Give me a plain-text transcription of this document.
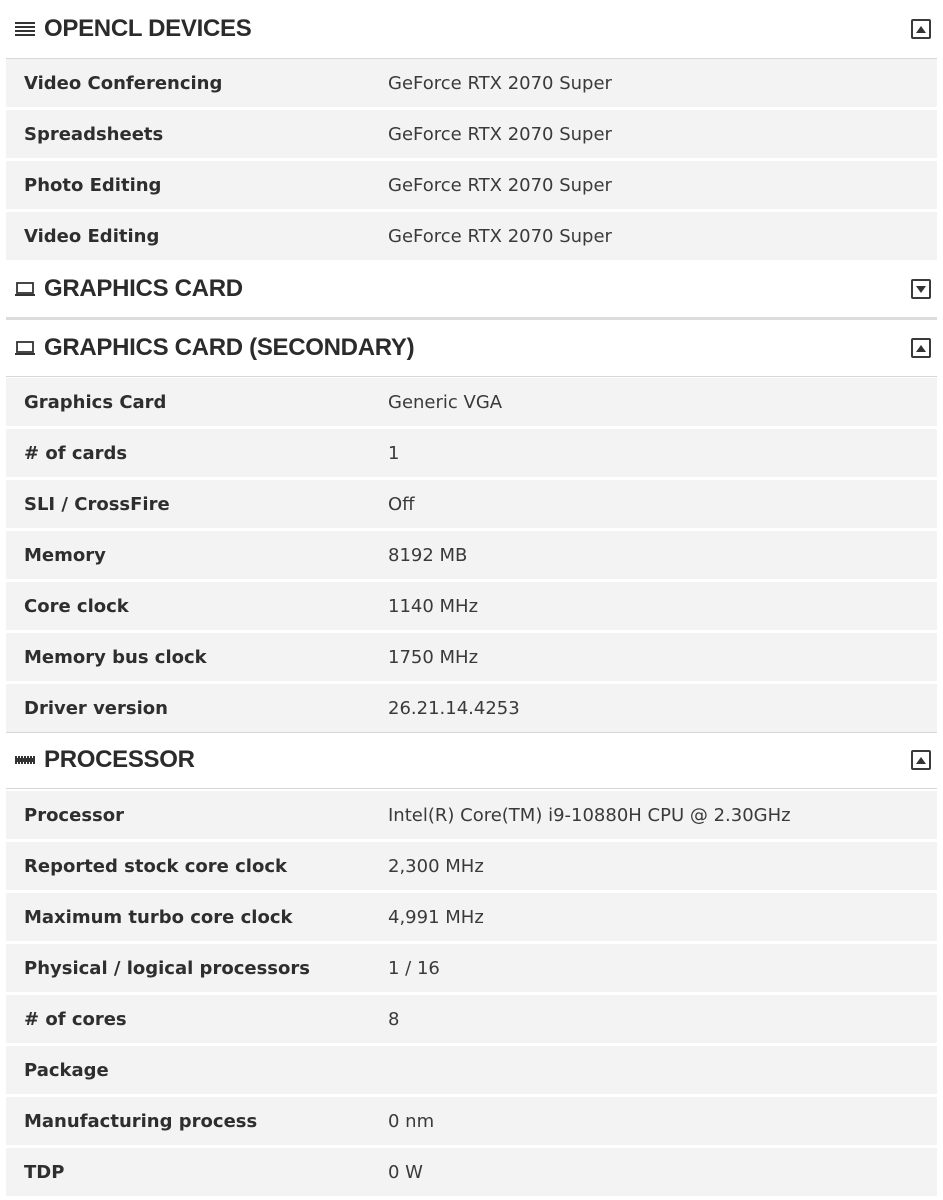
OPENCL DEVICES
Video Conferencing	GeForce RTX 2070 Super
Spreadsheets	GeForce RTX 2070 Super
Photo Editing	GeForce RTX 2070 Super
Video Editing	GeForce RTX 2070 Super
GRAPHICS CARD
GRAPHICS CARD (SECONDARY)
Graphics Card	Generic VGA
# of cards	1
SLI / CrossFire	Off
Memory	8192 MB
Core clock	1140 MHz
Memory bus clock	1750 MHz
Driver version	26.21.14.4253
PROCESSOR
Processor	Intel(R) Core(TM) i9-10880H CPU @ 2.30GHz
Reported stock core clock	2,300 MHz
Maximum turbo core clock	4,991 MHz
Physical / logical processors	1 / 16
# of cores	8
Package
Manufacturing process	0 nm
TDP	0 W
